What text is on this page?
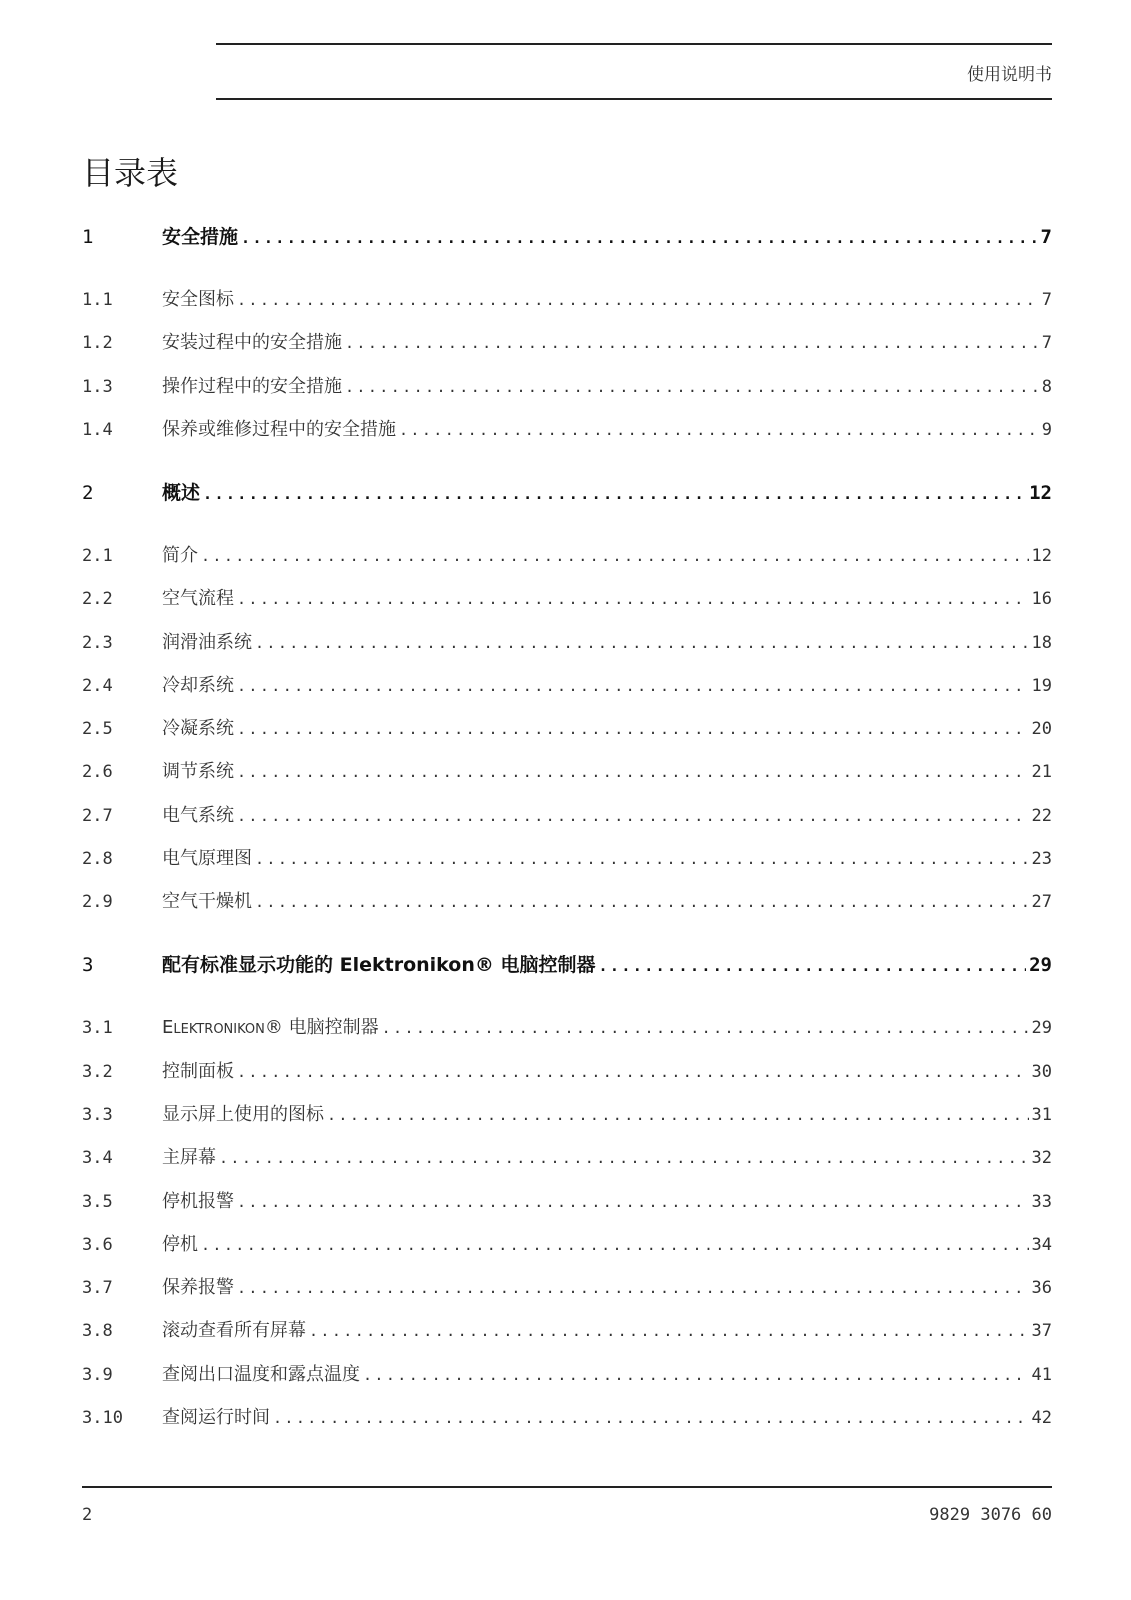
使用说明书
目录表
1	安全措施 .....	7
1.1	安全图标 .....	7
1.2	安装过程中的安全措施 .....	7
1.3	操作过程中的安全措施 .....	8
1.4	保养或维修过程中的安全措施 .....	9
2	概述 .....	12
2.1	简介 .....	12
2.2	空气流程 .....	16
2.3	润滑油系统 .....	18
2.4	冷却系统 .....	19
2.5	冷凝系统 .....	20
2.6	调节系统 .....	21
2.7	电气系统 .....	22
2.8	电气原理图 .....	23
2.9	空气干燥机 .....	27
3	配有标准显示功能的 Elektronikon® 电脑控制器 .....	29
3.1	Elektronikon® 电脑控制器 .....	29
3.2	控制面板 .....	30
3.3	显示屏上使用的图标 .....	31
3.4	主屏幕 .....	32
3.5	停机报警 .....	33
3.6	停机 .....	34
3.7	保养报警 .....	36
3.8	滚动查看所有屏幕 .....	37
3.9	查阅出口温度和露点温度 .....	41
3.10	查阅运行时间 .....	42
2	9829 3076 60
